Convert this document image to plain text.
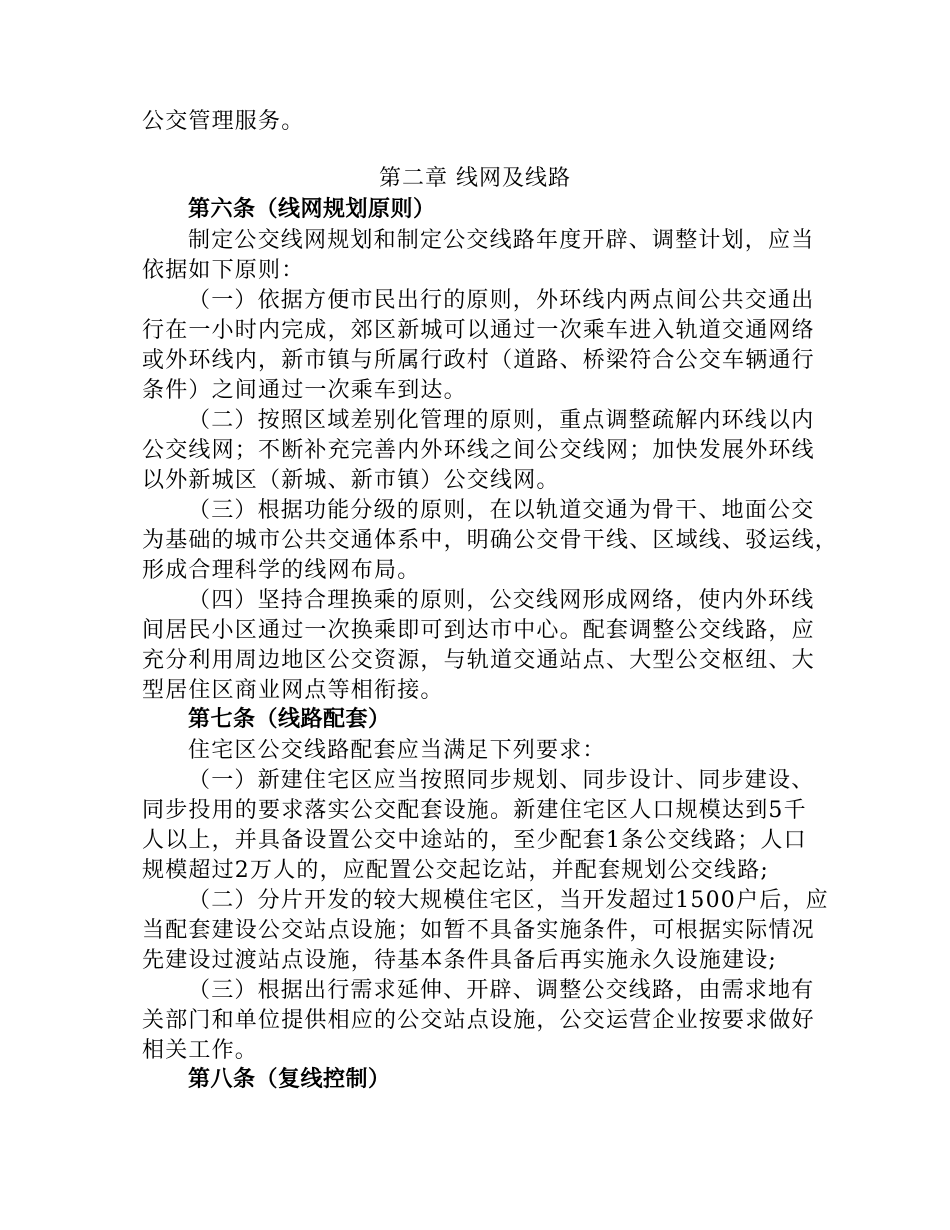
公交管理服务。
第二章 线网及线路
第六条（线网规划原则）
制定公交线网规划和制定公交线路年度开辟、调整计划，应当
依据如下原则：
（一）依据方便市民出行的原则，外环线内两点间公共交通出
行在一小时内完成，郊区新城可以通过一次乘车进入轨道交通网络
或外环线内，新市镇与所属行政村（道路、桥梁符合公交车辆通行
条件）之间通过一次乘车到达。
（二）按照区域差别化管理的原则，重点调整疏解内环线以内
公交线网；不断补充完善内外环线之间公交线网；加快发展外环线
以外新城区（新城、新市镇）公交线网。
（三）根据功能分级的原则，在以轨道交通为骨干、地面公交
为基础的城市公共交通体系中，明确公交骨干线、区域线、驳运线，
形成合理科学的线网布局。
（四）坚持合理换乘的原则，公交线网形成网络，使内外环线
间居民小区通过一次换乘即可到达市中心。配套调整公交线路，应
充分利用周边地区公交资源，与轨道交通站点、大型公交枢纽、大
型居住区商业网点等相衔接。
第七条（线路配套）
住宅区公交线路配套应当满足下列要求：
（一）新建住宅区应当按照同步规划、同步设计、同步建设、
同步投用的要求落实公交配套设施。新建住宅区人口规模达到5千
人以上，并具备设置公交中途站的，至少配套1条公交线路；人口
规模超过2万人的，应配置公交起讫站，并配套规划公交线路;
（二）分片开发的较大规模住宅区，当开发超过1500户后，应
当配套建设公交站点设施；如暂不具备实施条件，可根据实际情况
先建设过渡站点设施，待基本条件具备后再实施永久设施建设;
（三）根据出行需求延伸、开辟、调整公交线路，由需求地有
关部门和单位提供相应的公交站点设施，公交运营企业按要求做好
相关工作。
第八条（复线控制）
